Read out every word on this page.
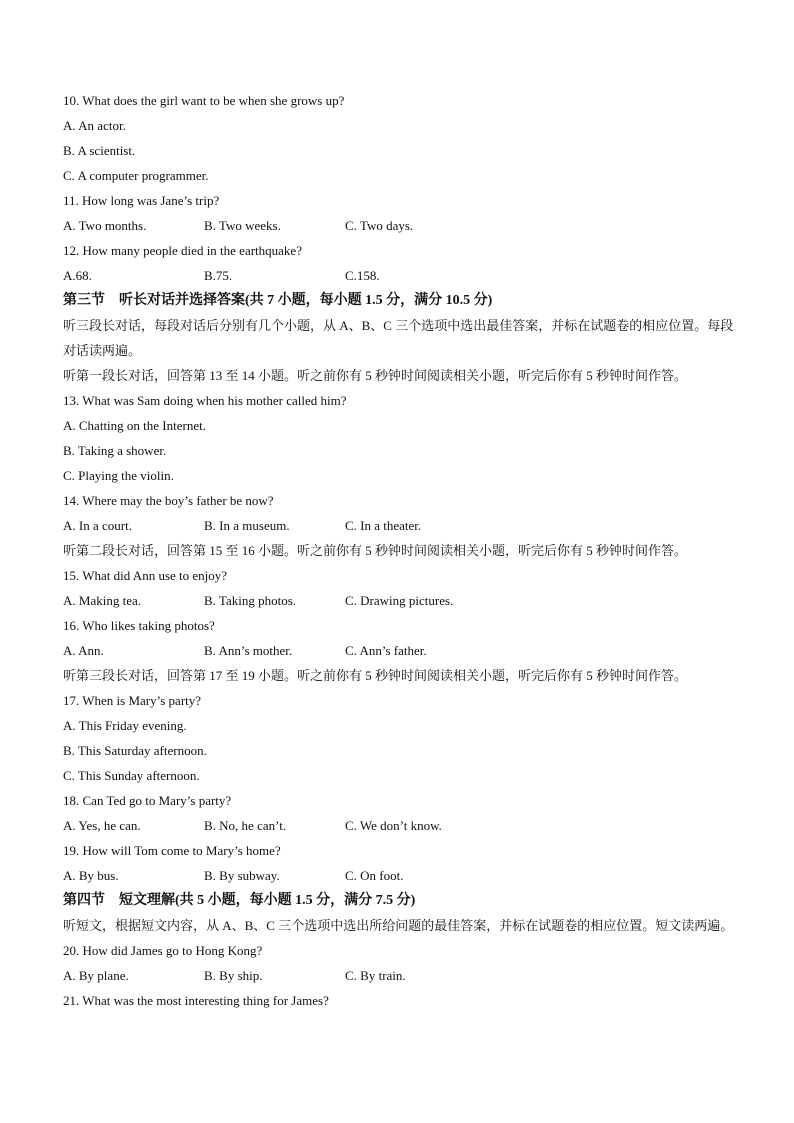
10. What does the girl want to be when she grows up?
A. An actor.
B. A scientist.
C. A computer programmer.
11. How long was Jane’s trip?
A. Two months.	B. Two weeks.	C. Two days.
12. How many people died in the earthquake?
A.68.	B.75.	C.158.
第三节　听长对话并选择答案(共 7 小题，每小题 1.5 分，满分 10.5 分)
听三段长对话，每段对话后分别有几个小题，从 A、B、C 三个选项中选出最佳答案，并标在试题卷的相应位置。每段对话读两遍。
听第一段长对话，回答第 13 至 14 小题。听之前你有 5 秒钟时间阅读相关小题，听完后你有 5 秒钟时间作答。
13. What was Sam doing when his mother called him?
A. Chatting on the Internet.
B. Taking a shower.
C. Playing the violin.
14. Where may the boy’s father be now?
A. In a court.	B. In a museum.	C. In a theater.
听第二段长对话，回答第 15 至 16 小题。听之前你有 5 秒钟时间阅读相关小题，听完后你有 5 秒钟时间作答。
15. What did Ann use to enjoy?
A. Making tea.	B. Taking photos.	C. Drawing pictures.
16. Who likes taking photos?
A. Ann.	B. Ann’s mother.	C. Ann’s father.
听第三段长对话，回答第 17 至 19 小题。听之前你有 5 秒钟时间阅读相关小题，听完后你有 5 秒钟时间作答。
17. When is Mary’s party?
A. This Friday evening.
B. This Saturday afternoon.
C. This Sunday afternoon.
18. Can Ted go to Mary’s party?
A. Yes, he can.	B. No, he can’t.	C. We don’t know.
19. How will Tom come to Mary’s home?
A. By bus.	B. By subway.	C. On foot.
第四节　短文理解(共 5 小题，每小题 1.5 分，满分 7.5 分)
听短文，根据短文内容，从 A、B、C 三个选项中选出所给问题的最佳答案，并标在试题卷的相应位置。短文读两遍。
20. How did James go to Hong Kong?
A. By plane.	B. By ship.	C. By train.
21. What was the most interesting thing for James?
